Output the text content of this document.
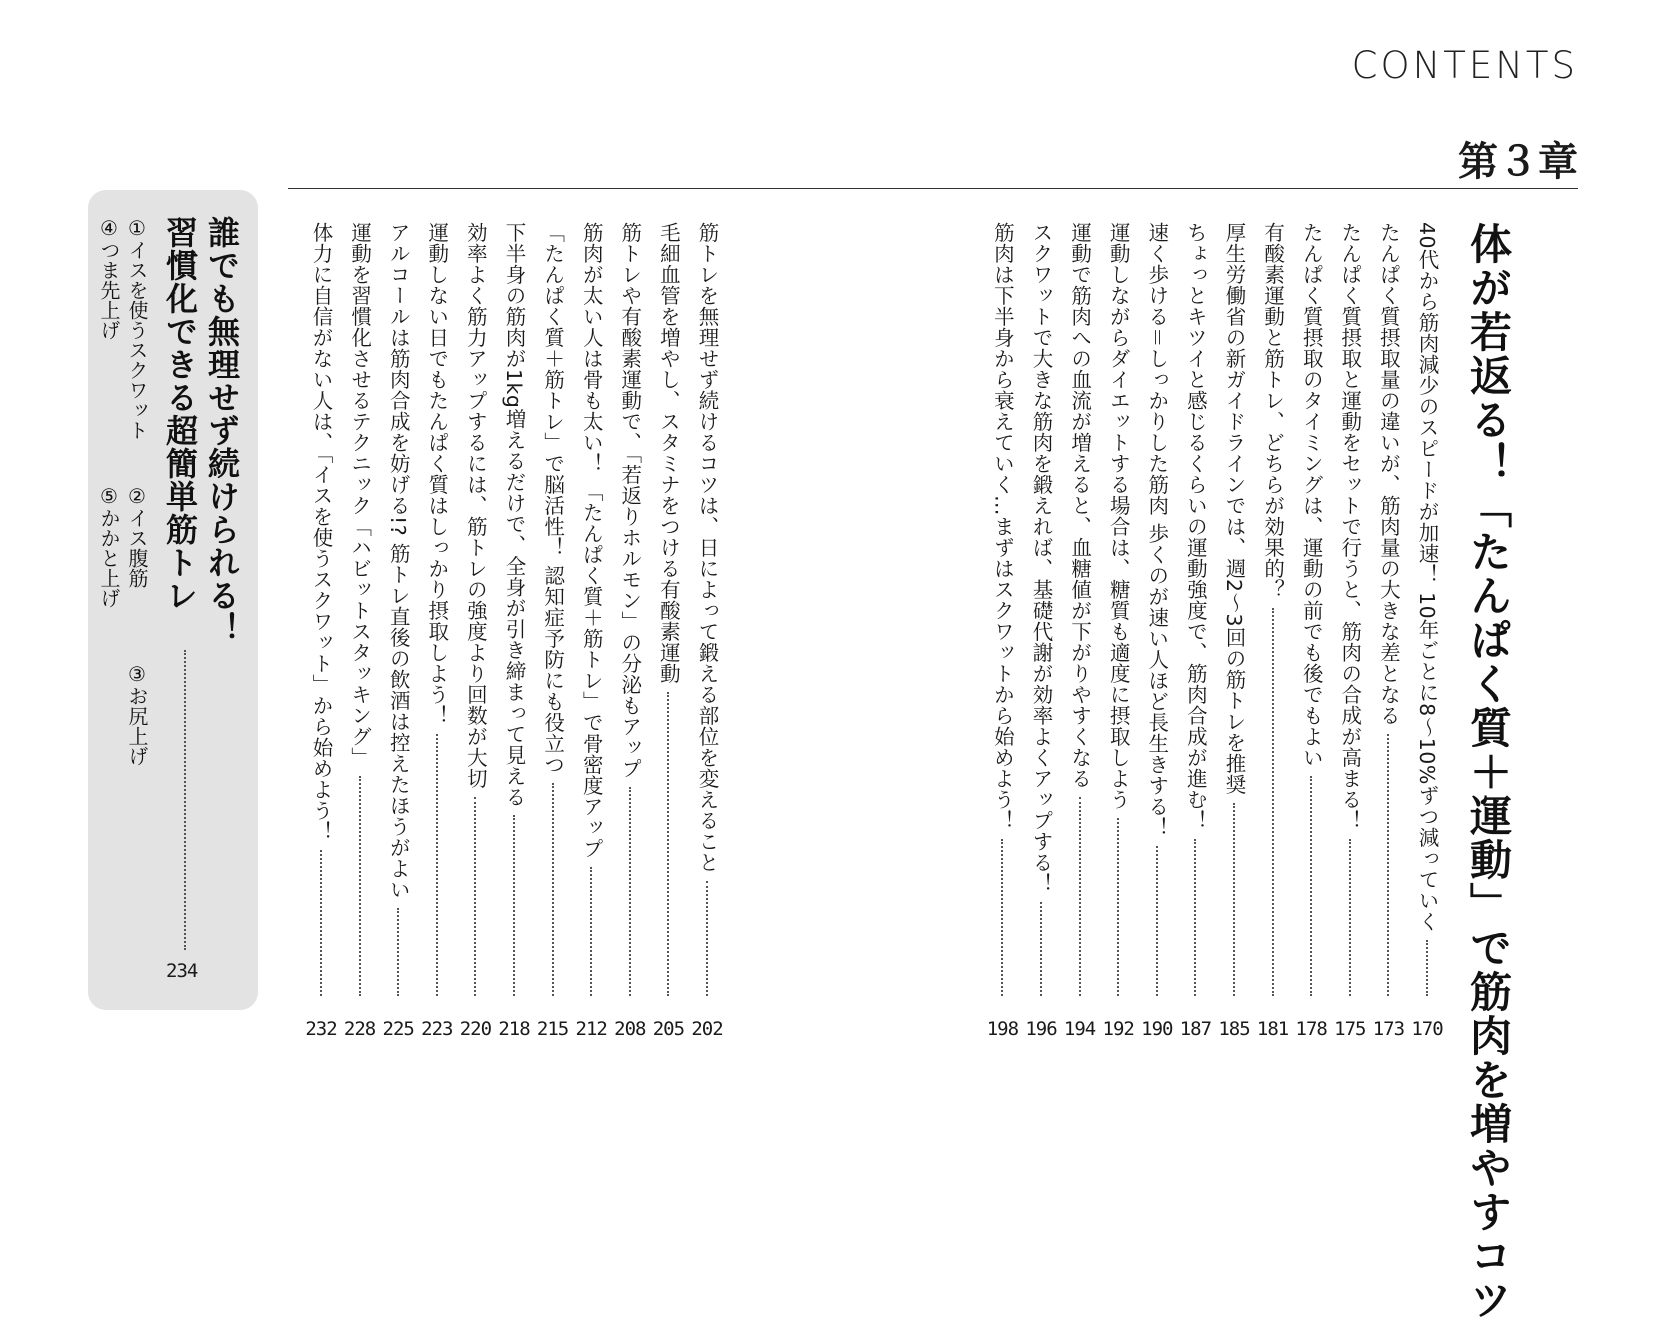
CONTENTS
第３章
体が若返る！「たんぱく質＋運動」で筋肉を増やすコツ
40代から筋肉減少のスピードが加速！ 10年ごとに8〜10%ずつ減っていく
170
たんぱく質摂取量の違いが、筋肉量の大きな差となる
173
たんぱく質摂取と運動をセットで行うと、筋肉の合成が高まる！
175
たんぱく質摂取のタイミングは、運動の前でも後でもよい
178
有酸素運動と筋トレ、どちらが効果的？
181
厚生労働省の新ガイドラインでは、週2〜3回の筋トレを推奨
185
ちょっとキツイと感じるくらいの運動強度で、筋肉合成が進む！
187
速く歩ける＝しっかりした筋肉 歩くのが速い人ほど長生きする！
190
運動しながらダイエットする場合は、糖質も適度に摂取しよう
192
運動で筋肉への血流が増えると、血糖値が下がりやすくなる
194
スクワットで大きな筋肉を鍛えれば、基礎代謝が効率よくアップする！
196
筋肉は下半身から衰えていく…まずはスクワットから始めよう！
198
筋トレを無理せず続けるコツは、日によって鍛える部位を変えること
202
毛細血管を増やし、スタミナをつける有酸素運動
205
筋トレや有酸素運動で、「若返りホルモン」の分泌もアップ
208
筋肉が太い人は骨も太い！ 「たんぱく質＋筋トレ」で骨密度アップ
212
「たんぱく質＋筋トレ」で脳活性！ 認知症予防にも役立つ
215
下半身の筋肉が1kg増えるだけで、全身が引き締まって見える
218
効率よく筋力アップするには、筋トレの強度より回数が大切
220
運動しない日でもたんぱく質はしっかり摂取しよう！
223
アルコールは筋肉合成を妨げる!? 筋トレ直後の飲酒は控えたほうがよい
225
運動を習慣化させるテクニック「ハビットスタッキング」
228
体力に自信がない人は、「イスを使うスクワット」から始めよう！
232
誰でも無理せず続けられる！
習慣化できる超簡単筋トレ
①イスを使うスクワット
②イス腹筋
③お尻上げ
④つま先上げ
⑤かかと上げ
234
